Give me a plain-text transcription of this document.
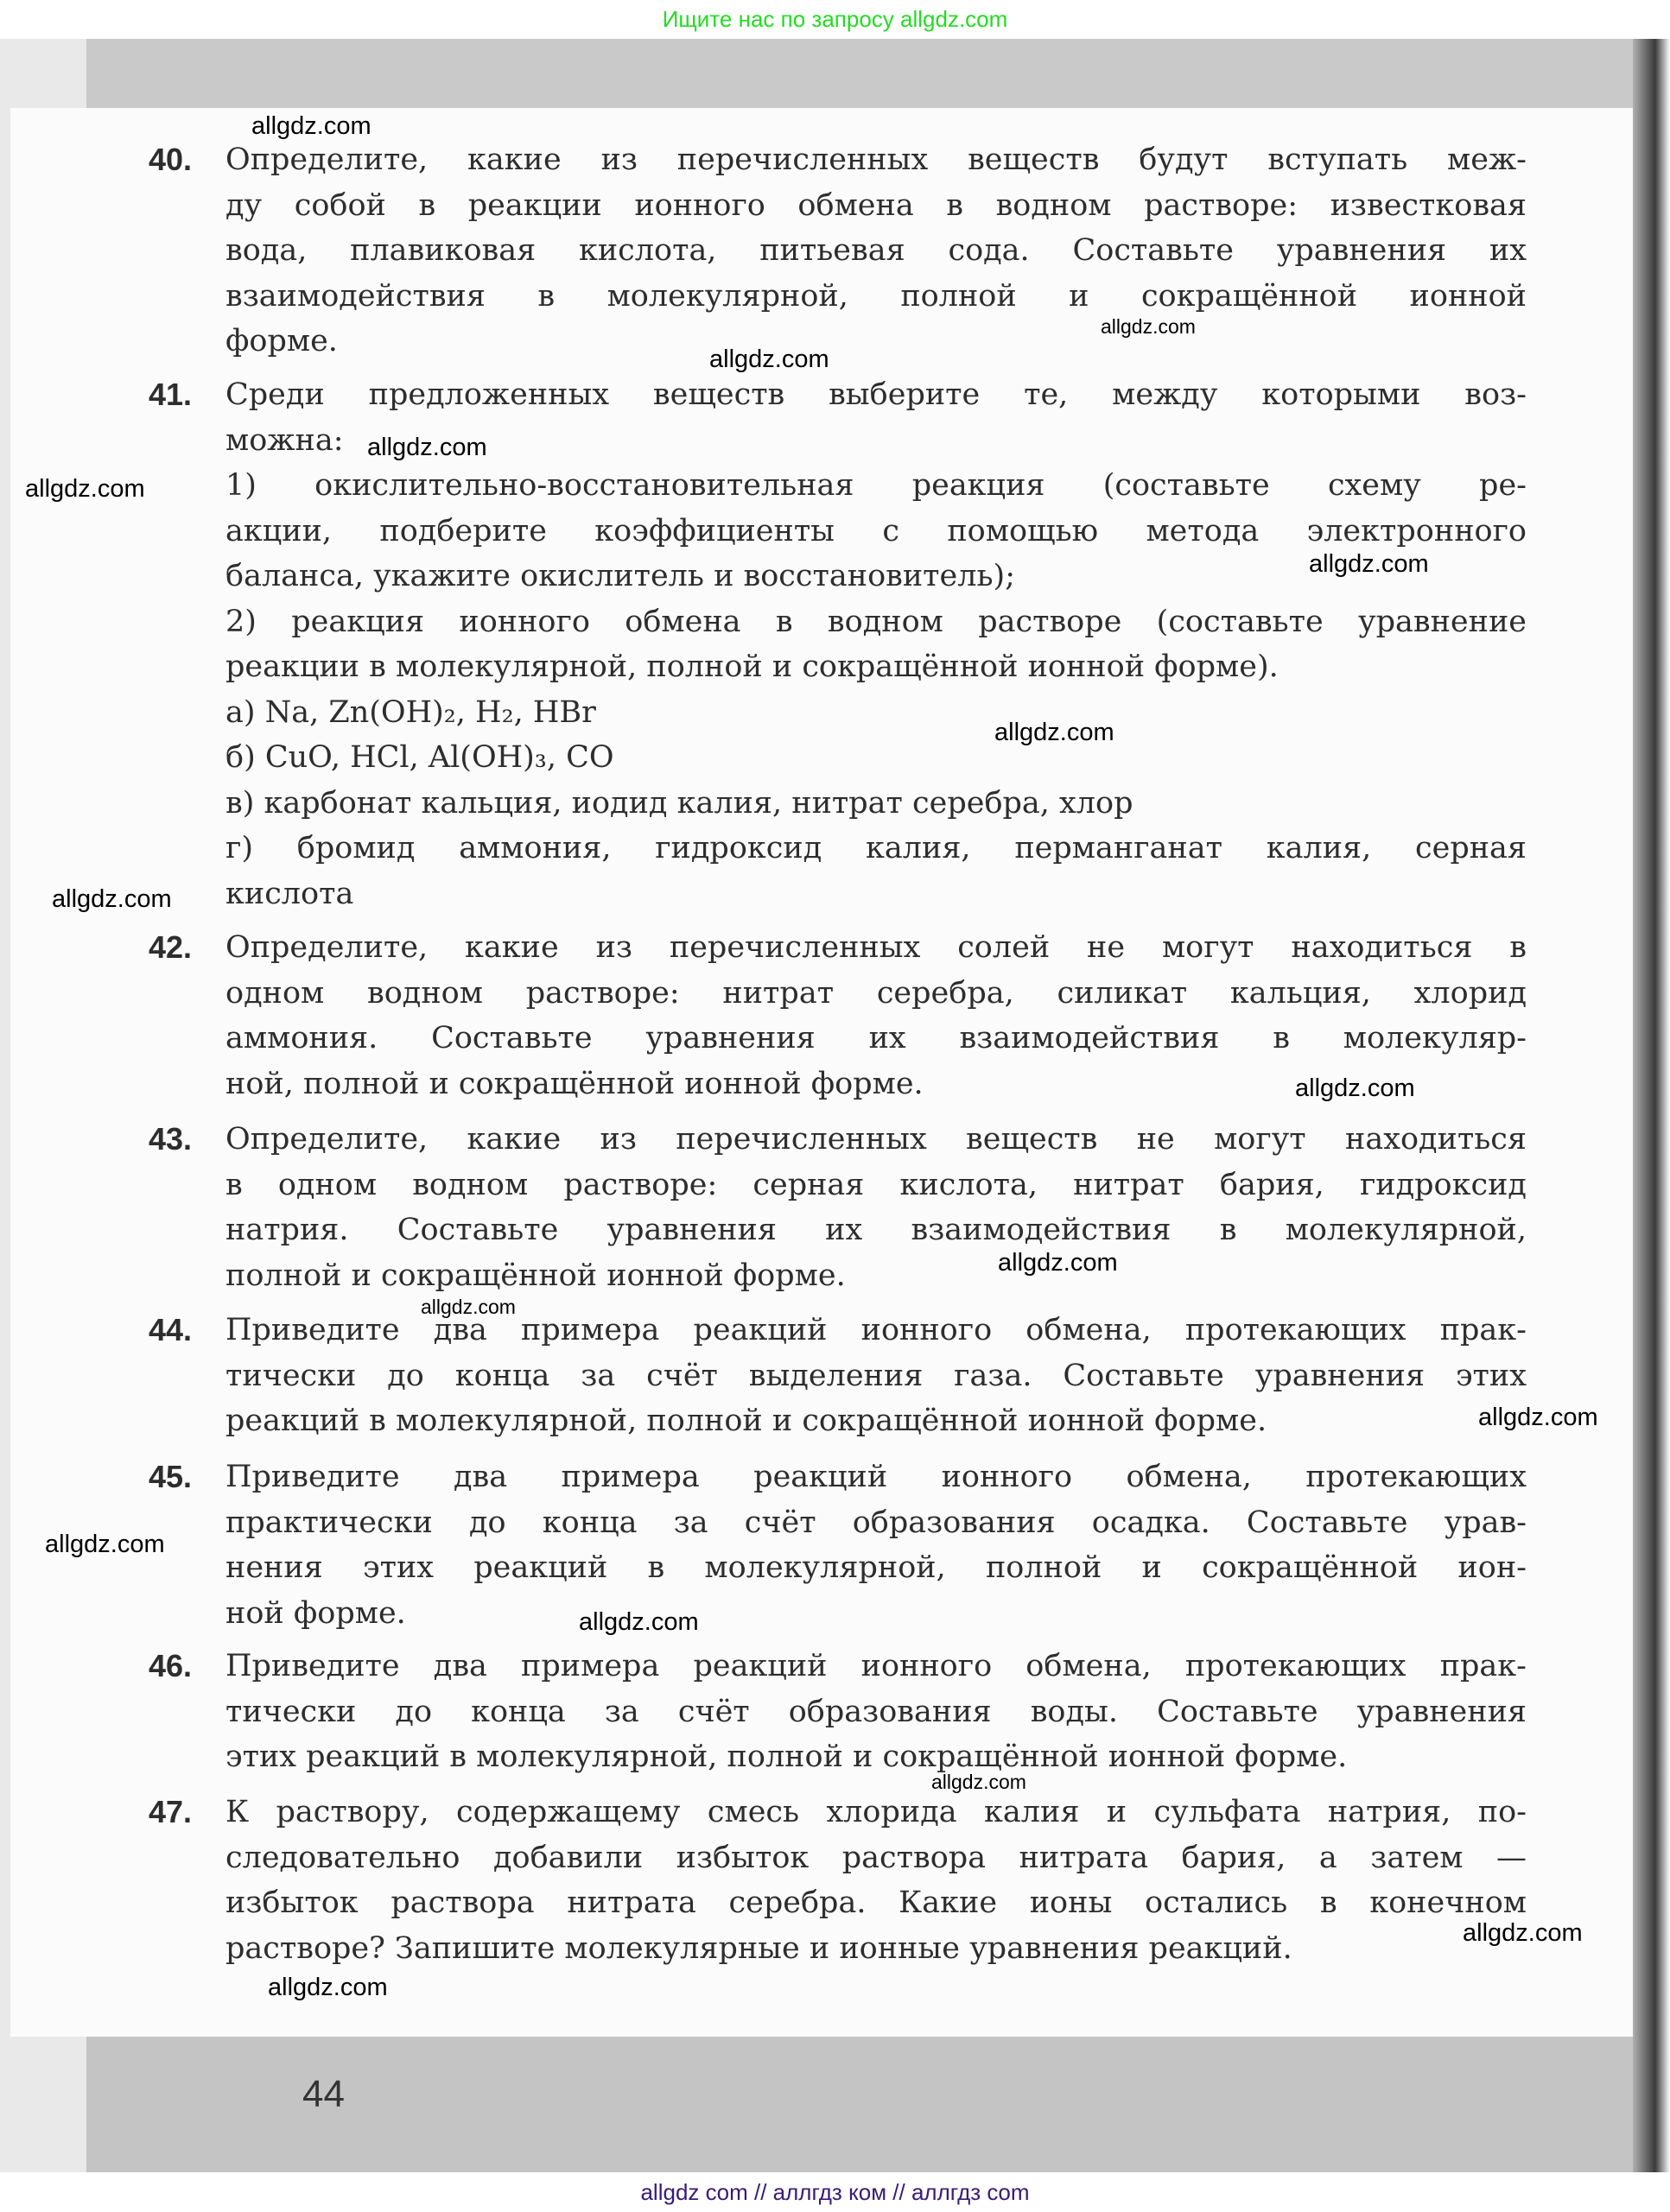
Ищите нас по запросу allgdz.com
40. Определите, какие из перечисленных веществ будут вступать меж-
ду собой в реакции ионного обмена в водном растворе: известковая
вода, плавиковая кислота, питьевая сода. Составьте уравнения их
взаимодействия в молекулярной, полной и сокращённой ионной
форме.
41. Среди предложенных веществ выберите те, между которыми воз-
можна:
1) окислительно-восстановительная реакция (составьте схему ре-
акции, подберите коэффициенты с помощью метода электронного
баланса, укажите окислитель и восстановитель);
2) реакция ионного обмена в водном растворе (составьте уравнение
реакции в молекулярной, полной и сокращённой ионной форме).
а) Na, Zn(OH)₂, H₂, HBr
б) CuO, HCl, Al(OH)₃, CO
в) карбонат кальция, иодид калия, нитрат серебра, хлор
г) бромид аммония, гидроксид калия, перманганат калия, серная
кислота
42. Определите, какие из перечисленных солей не могут находиться в
одном водном растворе: нитрат серебра, силикат кальция, хлорид
аммония. Составьте уравнения их взаимодействия в молекуляр-
ной, полной и сокращённой ионной форме.
43. Определите, какие из перечисленных веществ не могут находиться
в одном водном растворе: серная кислота, нитрат бария, гидроксид
натрия. Составьте уравнения их взаимодействия в молекулярной,
полной и сокращённой ионной форме.
44. Приведите два примера реакций ионного обмена, протекающих прак-
тически до конца за счёт выделения газа. Составьте уравнения этих
реакций в молекулярной, полной и сокращённой ионной форме.
45. Приведите два примера реакций ионного обмена, протекающих
практически до конца за счёт образования осадка. Составьте урав-
нения этих реакций в молекулярной, полной и сокращённой ион-
ной форме.
46. Приведите два примера реакций ионного обмена, протекающих прак-
тически до конца за счёт образования воды. Составьте уравнения
этих реакций в молекулярной, полной и сокращённой ионной форме.
47. К раствору, содержащему смесь хлорида калия и сульфата натрия, по-
следовательно добавили избыток раствора нитрата бария, а затем —
избыток раствора нитрата серебра. Какие ионы остались в конечном
растворе? Запишите молекулярные и ионные уравнения реакций.
allgdz.com
allgdz.com
allgdz.com
allgdz.com
allgdz.com
allgdz.com
allgdz.com
allgdz.com
allgdz.com
allgdz.com
allgdz.com
allgdz.com
allgdz.com
allgdz.com
allgdz.com
allgdz.com
allgdz.com
44
allgdz com // аллгдз ком // аллгдз com
